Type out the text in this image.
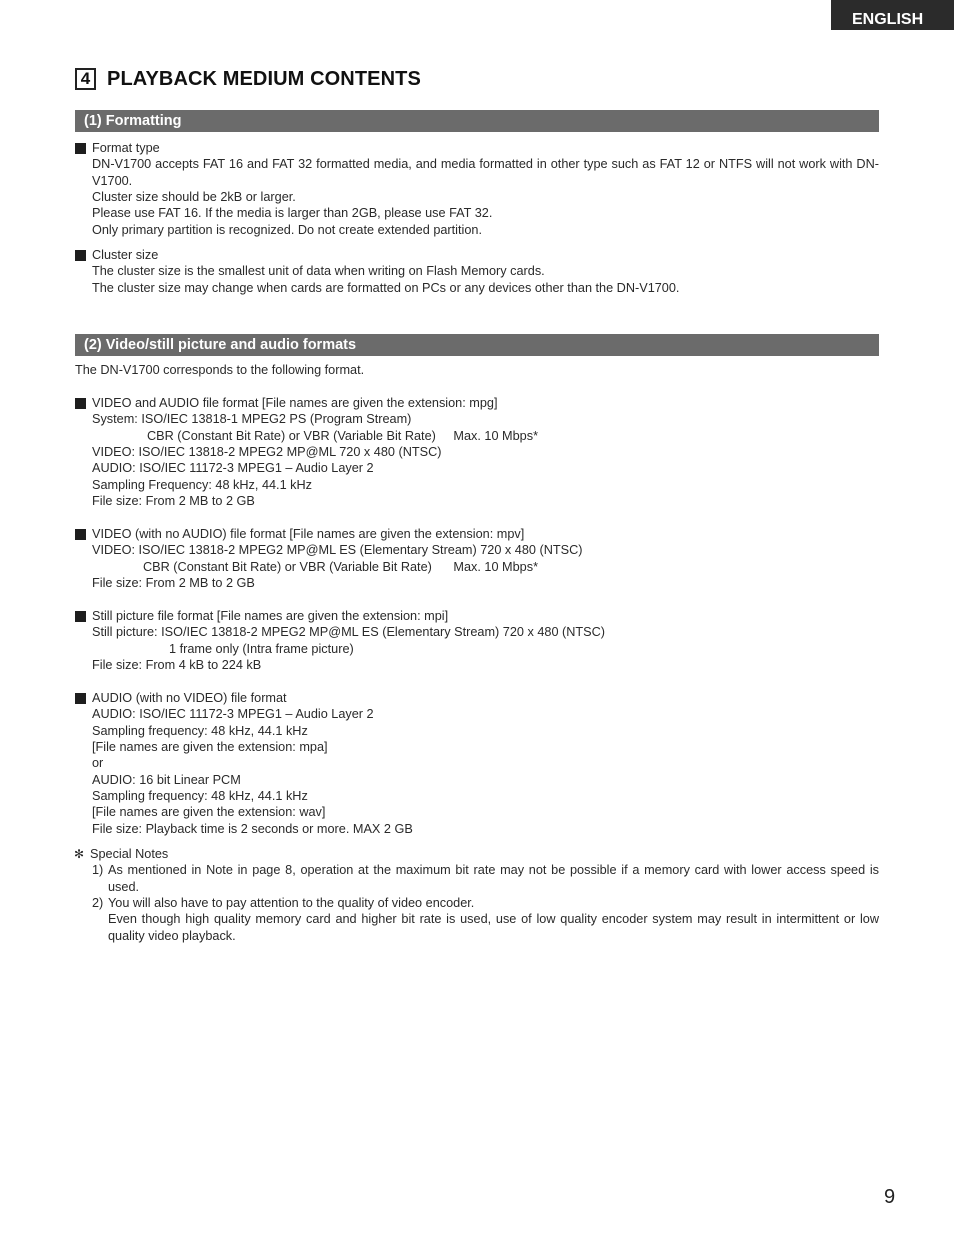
ENGLISH
4 PLAYBACK MEDIUM CONTENTS
(1) Formatting
Format type
DN-V1700 accepts FAT 16 and FAT 32 formatted media, and media formatted in other type such as FAT 12 or NTFS will not work with DN-V1700.
Cluster size should be 2kB or larger.
Please use FAT 16. If the media is larger than 2GB, please use FAT 32.
Only primary partition is recognized. Do not create extended partition.
Cluster size
The cluster size is the smallest unit of data when writing on Flash Memory cards.
The cluster size may change when cards are formatted on PCs or any devices other than the DN-V1700.
(2) Video/still picture and audio formats
The DN-V1700 corresponds to the following format.
VIDEO and AUDIO file format [File names are given the extension: mpg]
System: ISO/IEC 13818-1 MPEG2 PS (Program Stream)
CBR (Constant Bit Rate) or VBR (Variable Bit Rate) Max. 10 Mbps*
VIDEO: ISO/IEC 13818-2 MPEG2 MP@ML 720 x 480 (NTSC)
AUDIO: ISO/IEC 11172-3 MPEG1 – Audio Layer 2
Sampling Frequency: 48 kHz, 44.1 kHz
File size: From 2 MB to 2 GB
VIDEO (with no AUDIO) file format [File names are given the extension: mpv]
VIDEO: ISO/IEC 13818-2 MPEG2 MP@ML ES (Elementary Stream) 720 x 480 (NTSC)
CBR (Constant Bit Rate) or VBR (Variable Bit Rate) Max. 10 Mbps*
File size: From 2 MB to 2 GB
Still picture file format [File names are given the extension: mpi]
Still picture: ISO/IEC 13818-2 MPEG2 MP@ML ES (Elementary Stream) 720 x 480 (NTSC)
1 frame only (Intra frame picture)
File size: From 4 kB to 224 kB
AUDIO (with no VIDEO) file format
AUDIO: ISO/IEC 11172-3 MPEG1 – Audio Layer 2
Sampling frequency: 48 kHz, 44.1 kHz
[File names are given the extension: mpa]
or
AUDIO: 16 bit Linear PCM
Sampling frequency: 48 kHz, 44.1 kHz
[File names are given the extension: wav]
File size: Playback time is 2 seconds or more. MAX 2 GB
✻ Special Notes
1) As mentioned in Note in page 8, operation at the maximum bit rate may not be possible if a memory card with lower access speed is used.
2) You will also have to pay attention to the quality of video encoder.
Even though high quality memory card and higher bit rate is used, use of low quality encoder system may result in intermittent or low quality video playback.
9
